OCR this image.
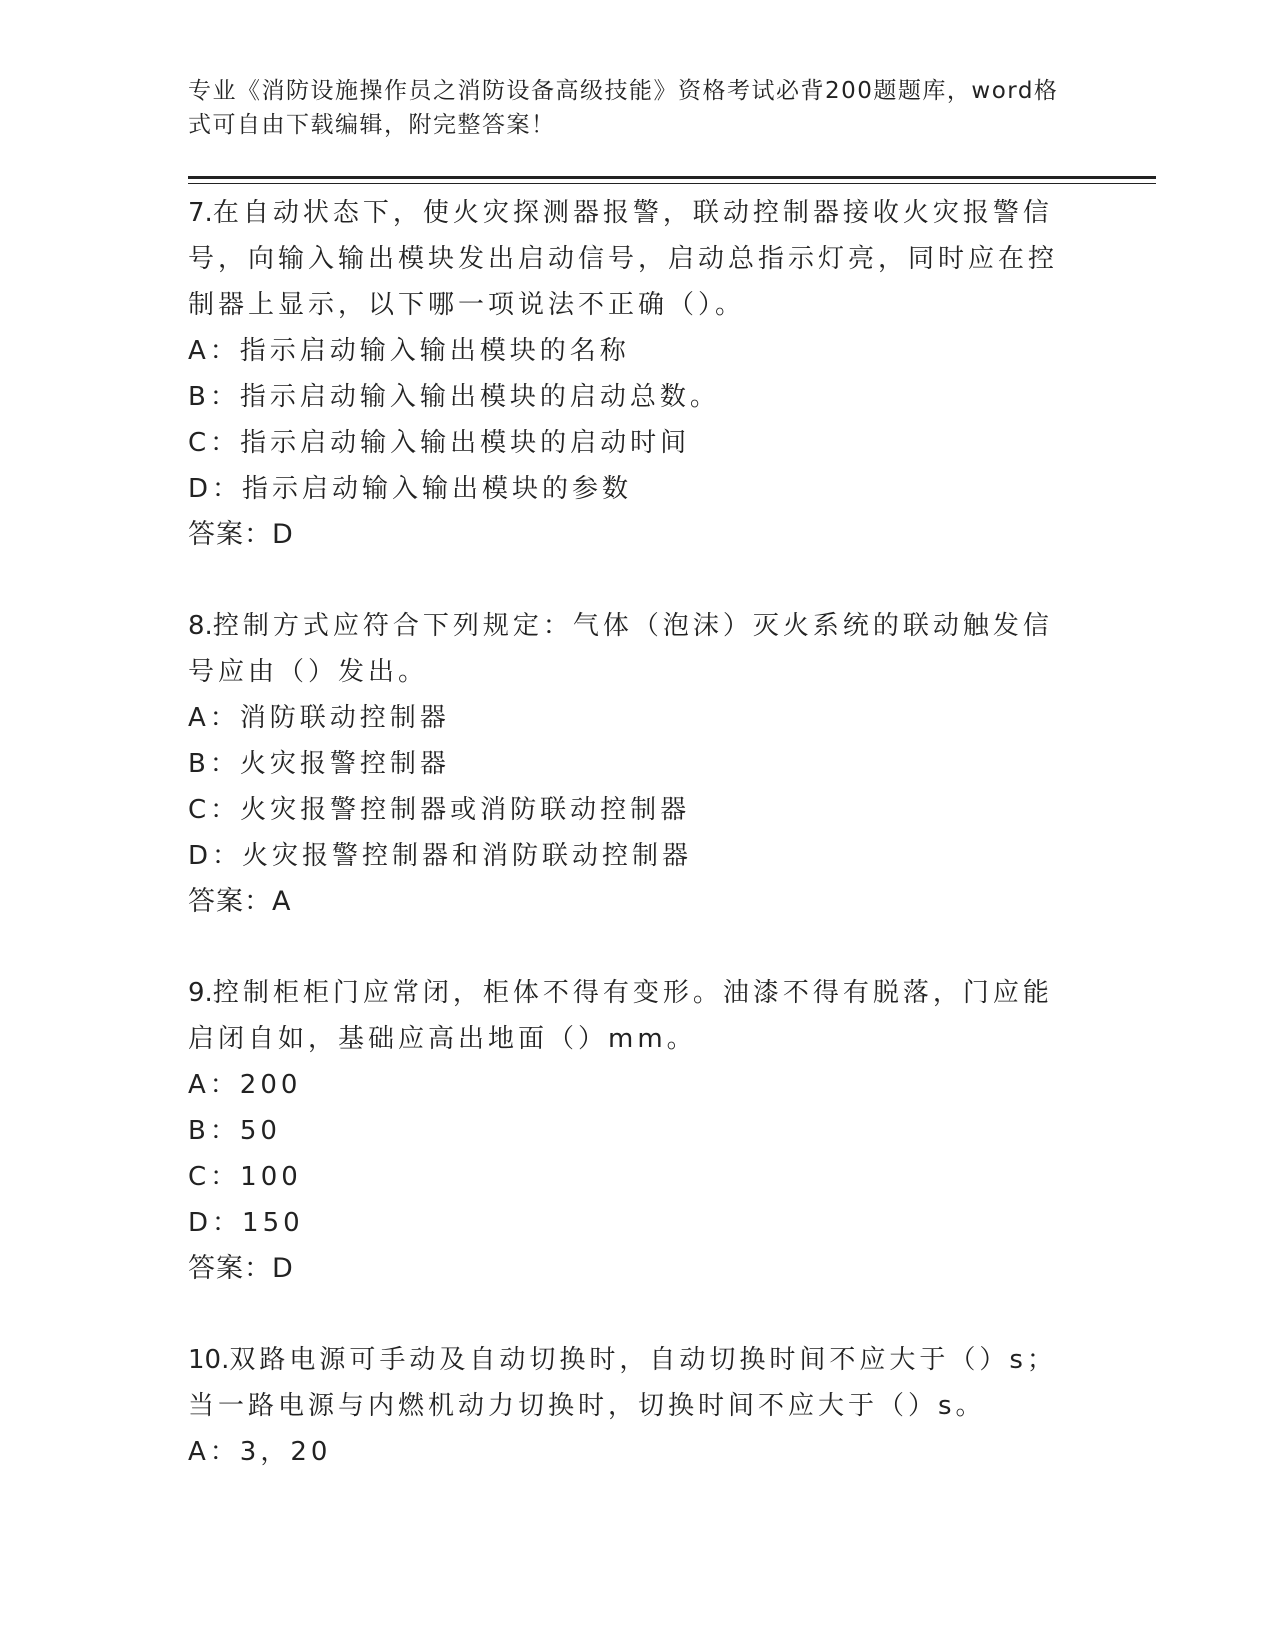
专业《消防设施操作员之消防设备高级技能》资格考试必背200题题库，word格式可自由下载编辑，附完整答案！

7.在自动状态下，使火灾探测器报警，联动控制器接收火灾报警信号，向输入输出模块发出启动信号，启动总指示灯亮，同时应在控制器上显示，以下哪一项说法不正确（）。

A：指示启动输入输出模块的名称

B：指示启动输入输出模块的启动总数。

C：指示启动输入输出模块的启动时间

D：指示启动输入输出模块的参数

答案：D

8.控制方式应符合下列规定：气体（泡沫）灭火系统的联动触发信号应由（）发出。

A：消防联动控制器

B：火灾报警控制器

C：火灾报警控制器或消防联动控制器

D：火灾报警控制器和消防联动控制器

答案：A

9.控制柜柜门应常闭，柜体不得有变形。油漆不得有脱落，门应能启闭自如，基础应高出地面（）mm。

A：200

B：50

C：100

D：150

答案：D

10.双路电源可手动及自动切换时，自动切换时间不应大于（）s；当一路电源与内燃机动力切换时，切换时间不应大于（）s。

A：3，20
